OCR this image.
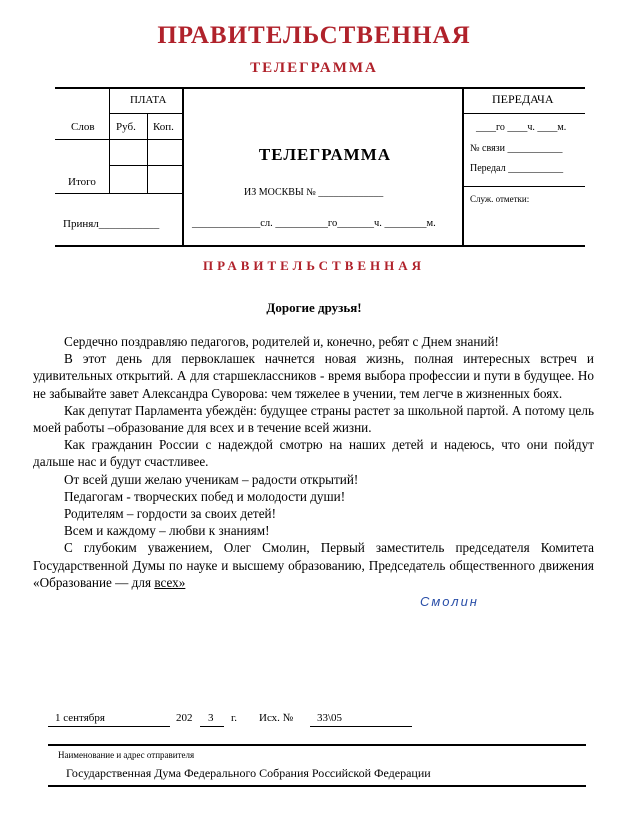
ПРАВИТЕЛЬСТВЕННАЯ
ТЕЛЕГРАММА
ПЛАТА
Слов Руб. Коп.
Итого
Принял___________
ТЕЛЕГРАММА
ИЗ МОСКВЫ № _____________
_____________сл. __________го_______ч. ________м.
ПЕРЕДАЧА
____го ____ч. ____м.
№ связи ___________
Передал ___________
Служ. отметки:
ПРАВИТЕЛЬСТВЕННАЯ
Дорогие друзья!

Сердечно поздравляю педагогов, родителей и, конечно, ребят с Днем знаний!

В этот день для первоклашек начнется новая жизнь, полная интересных встреч и удивительных открытий. А для старшеклассников - время выбора профессии и пути в будущее. Но не забывайте завет Александра Суворова: чем тяжелее в учении, тем легче в жизненных боях.

Как депутат Парламента убеждён: будущее страны растет за школьной партой. А потому цель моей работы –образование для всех и в течение всей жизни.

Как гражданин России с надеждой смотрю на наших детей и надеюсь, что они пойдут дальше нас и будут счастливее.

От всей души желаю ученикам – радости открытий!

Педагогам - творческих побед и молодости души!

Родителям – гордости за своих детей!

Всем и каждому – любви к знаниям!

С глубоким уважением, Олег Смолин, Первый заместитель председателя Комитета Государственной Думы по науке и высшему образованию, Председатель общественного движения «Образование — для всех»

Смолин
1 сентября	202 3 г. Исх. № 33\05
Наименование и адрес отправителя
Государственная Дума Федерального Собрания Российской Федерации
